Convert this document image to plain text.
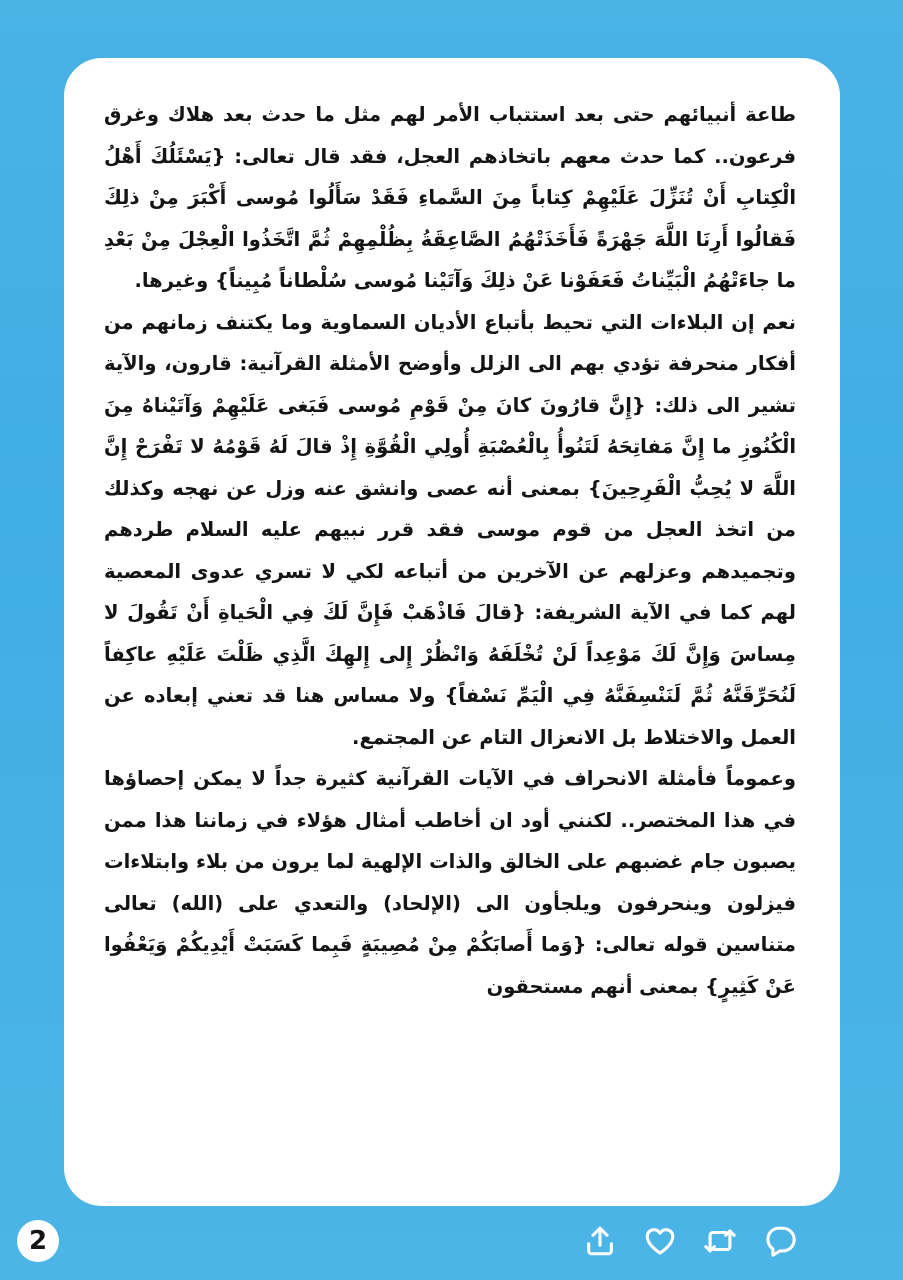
طاعة أنبيائهم حتى بعد استتباب الأمر لهم مثل ما حدث بعد هلاك وغرق فرعون.. كما حدث معهم باتخاذهم العجل، فقد قال تعالى: {يَسْئَلُكَ أَهْلُ الْكِتابِ أَنْ تُنَزِّلَ عَلَيْهِمْ كِتاباً مِنَ السَّماءِ فَقَدْ سَأَلُوا مُوسى أَكْبَرَ مِنْ ذلِكَ فَقالُوا أَرِنَا اللَّهَ جَهْرَةً فَأَخَذَتْهُمُ الصَّاعِقَةُ بِظُلْمِهِمْ ثُمَّ اتَّخَذُوا الْعِجْلَ مِنْ بَعْدِ ما جاءَتْهُمُ الْبَيِّناتُ فَعَفَوْنا عَنْ ذلِكَ وَآتَيْنا مُوسى سُلْطاناً مُبِيناً} وغيرها.

نعم إن البلاءات التي تحيط بأتباع الأديان السماوية وما يكتنف زمانهم من أفكار منحرفة تؤدي بهم الى الزلل وأوضح الأمثلة القرآنية: قارون، والآية تشير الى ذلك: {إِنَّ قارُونَ كانَ مِنْ قَوْمِ مُوسى فَبَغى عَلَيْهِمْ وَآتَيْناهُ مِنَ الْكُنُوزِ ما إِنَّ مَفاتِحَهُ لَتَنُوأُ بِالْعُصْبَةِ أُولِي الْقُوَّةِ إِذْ قالَ لَهُ قَوْمُهُ لا تَفْرَحْ إِنَّ اللَّهَ لا يُحِبُّ الْفَرِحِينَ} بمعنى أنه عصى وانشق عنه وزل عن نهجه وكذلك من اتخذ العجل من قوم موسى فقد قرر نبيهم عليه السلام طردهم وتجميدهم وعزلهم عن الآخرين من أتباعه لكي لا تسري عدوى المعصية لهم كما في الآية الشريفة: {قالَ فَاذْهَبْ فَإِنَّ لَكَ فِي الْحَياةِ أَنْ تَقُولَ لا مِساسَ وَإِنَّ لَكَ مَوْعِداً لَنْ تُخْلَفَهُ وَانْظُرْ إِلى إِلهِكَ الَّذِي ظَلْتَ عَلَيْهِ عاكِفاً لَنُحَرِّقَنَّهُ ثُمَّ لَنَنْسِفَنَّهُ فِي الْيَمِّ نَسْفاً} ولا مساس هنا قد تعني إبعاده عن العمل والاختلاط بل الانعزال التام عن المجتمع.

وعموماً فأمثلة الانحراف في الآيات القرآنية كثيرة جداً لا يمكن إحصاؤها في هذا المختصر.. لكنني أود ان أخاطب أمثال هؤلاء في زماننا هذا ممن يصبون جام غضبهم على الخالق والذات الإلهية لما يرون من بلاء وابتلاءات فيزلون وينحرفون ويلجأون الى (الإلحاد) والتعدي على (الله) تعالى متناسين قوله تعالى: {وَما أَصابَكُمْ مِنْ مُصِيبَةٍ فَبِما كَسَبَتْ أَيْدِيكُمْ وَيَعْفُوا عَنْ كَثِيرٍ} بمعنى أنهم مستحقون

2
